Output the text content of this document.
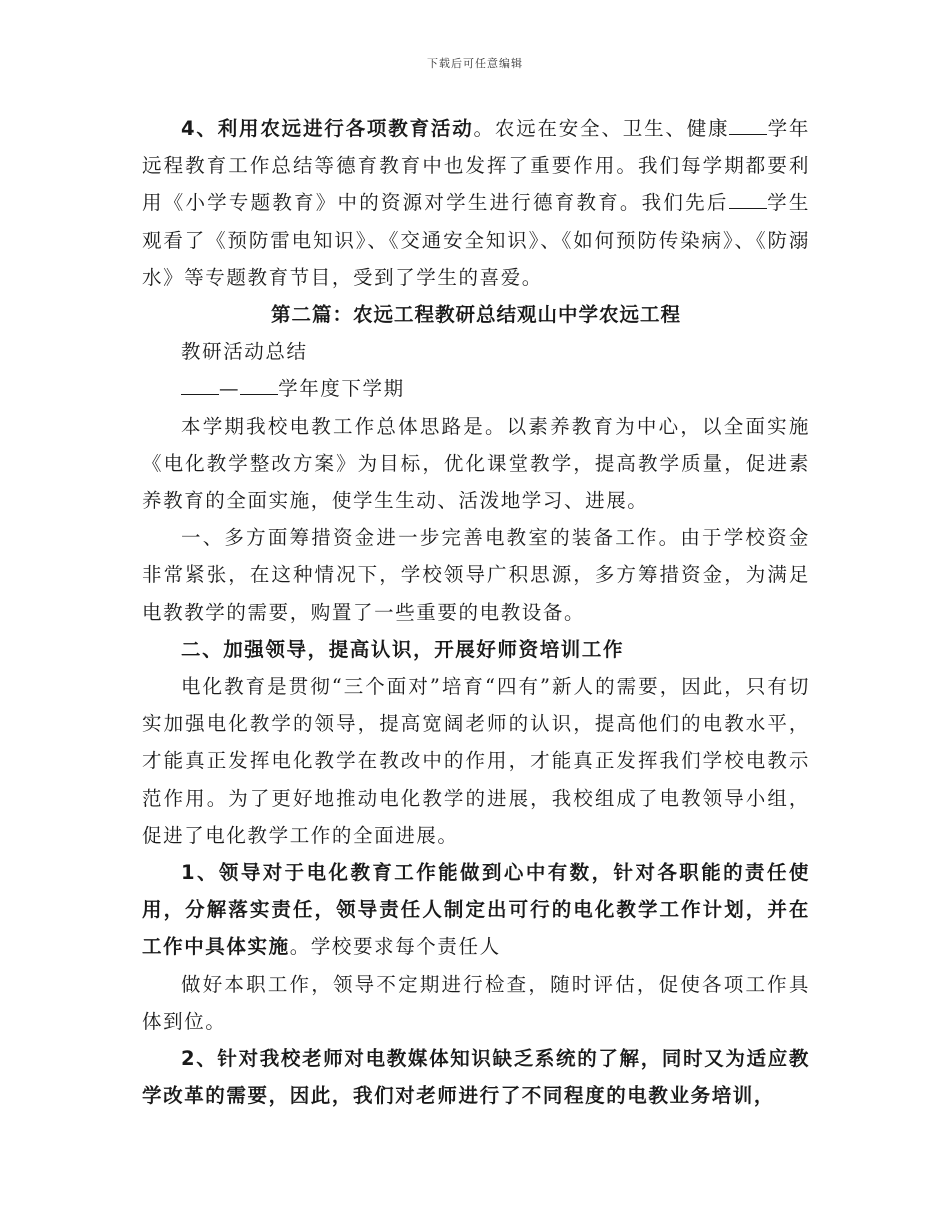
下载后可任意编辑

4、利用农远进行各项教育活动。农远在安全、卫生、健康 学年远程教育工作总结等德育教育中也发挥了重要作用。我们每学期都要利用《小学专题教育》中的资源对学生进行德育教育。我们先后 学生观看了《预防雷电知识》、《交通安全知识》、《如何预防传染病》、《防溺水》等专题教育节目，受到了学生的喜爱。

第二篇：农远工程教研总结观山中学农远工程

教研活动总结

— 学年度下学期

本学期我校电教工作总体思路是。以素养教育为中心，以全面实施《电化教学整改方案》为目标，优化课堂教学，提高教学质量，促进素养教育的全面实施，使学生生动、活泼地学习、进展。

一、多方面筹措资金进一步完善电教室的装备工作。由于学校资金非常紧张，在这种情况下，学校领导广积思源，多方筹措资金，为满足电教教学的需要，购置了一些重要的电教设备。

二、加强领导，提高认识，开展好师资培训工作

电化教育是贯彻“三个面对”培育“四有”新人的需要，因此，只有切实加强电化教学的领导，提高宽阔老师的认识，提高他们的电教水平，才能真正发挥电化教学在教改中的作用，才能真正发挥我们学校电教示范作用。为了更好地推动电化教学的进展，我校组成了电教领导小组，促进了电化教学工作的全面进展。

1、领导对于电化教育工作能做到心中有数，针对各职能的责任使用，分解落实责任，领导责任人制定出可行的电化教学工作计划，并在工作中具体实施。学校要求每个责任人

做好本职工作，领导不定期进行检查，随时评估，促使各项工作具体到位。

2、针对我校老师对电教媒体知识缺乏系统的了解，同时又为适应教学改革的需要，因此，我们对老师进行了不同程度的电教业务培训，
